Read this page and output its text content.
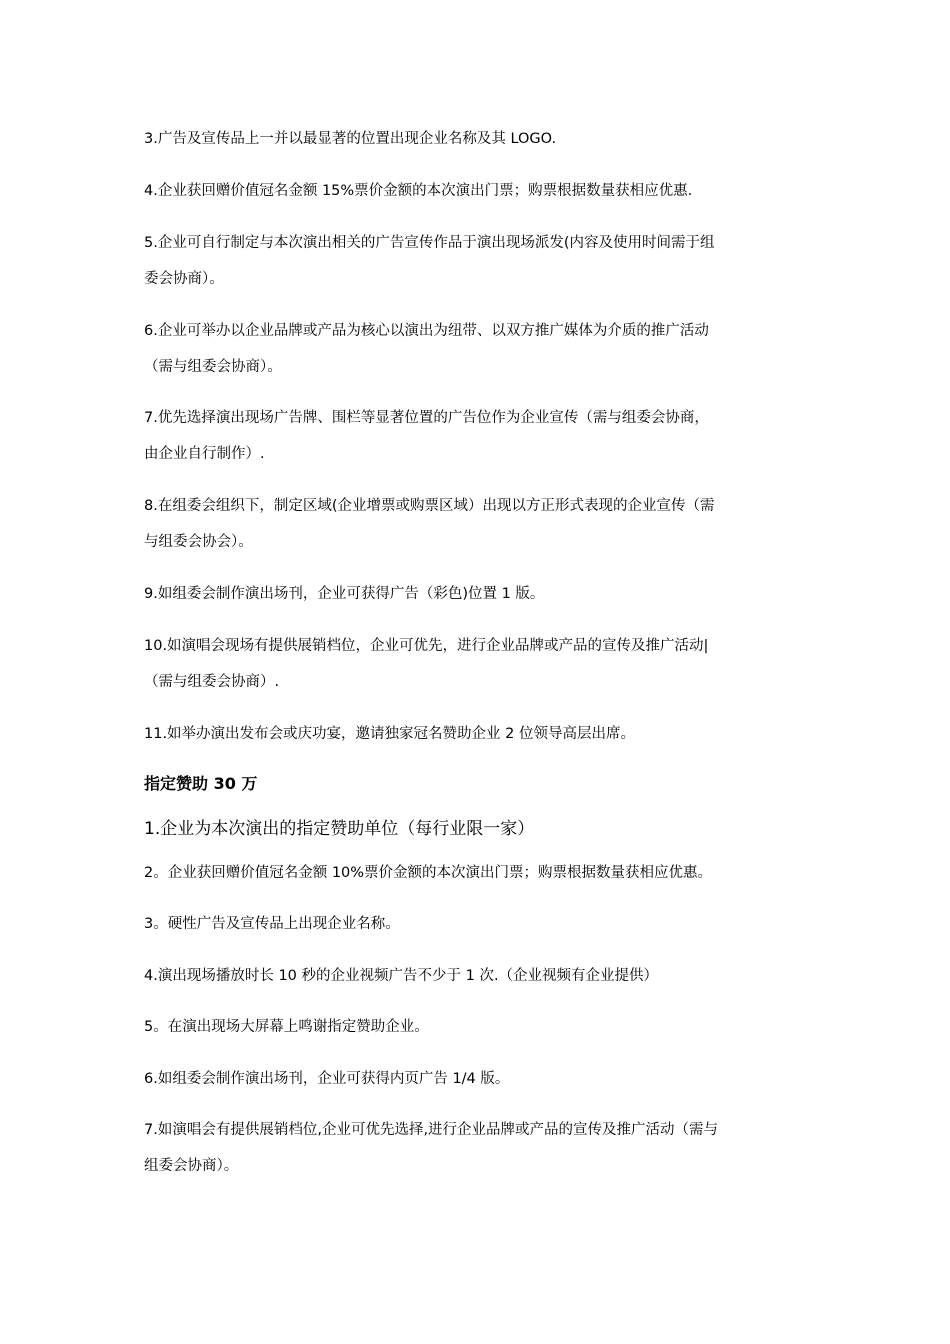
3.广告及宣传品上一并以最显著的位置出现企业名称及其 LOGO.
4.企业获回赠价值冠名金额 15%票价金额的本次演出门票；购票根据数量获相应优惠.
5.企业可自行制定与本次演出相关的广告宣传作品于演出现场派发(内容及使用时间需于组
委会协商）。
6.企业可举办以企业品牌或产品为核心以演出为纽带、以双方推广媒体为介质的推广活动
（需与组委会协商）。
7.优先选择演出现场广告牌、围栏等显著位置的广告位作为企业宣传（需与组委会协商，
由企业自行制作）.
8.在组委会组织下，制定区域(企业增票或购票区域）出现以方正形式表现的企业宣传（需
与组委会协会）。
9.如组委会制作演出场刊，企业可获得广告（彩色)位置 1 版。
10.如演唱会现场有提供展销档位，企业可优先，进行企业品牌或产品的宣传及推广活动|
（需与组委会协商）.
11.如举办演出发布会或庆功宴，邀请独家冠名赞助企业 2 位领导高层出席。
指定赞助 30 万
1.企业为本次演出的指定赞助单位（每行业限一家）
2。企业获回赠价值冠名金额 10%票价金额的本次演出门票；购票根据数量获相应优惠。
3。硬性广告及宣传品上出现企业名称。
4.演出现场播放时长 10 秒的企业视频广告不少于 1 次.（企业视频有企业提供）
5。在演出现场大屏幕上鸣谢指定赞助企业。
6.如组委会制作演出场刊，企业可获得内页广告 1/4 版。
7.如演唱会有提供展销档位,企业可优先选择,进行企业品牌或产品的宣传及推广活动（需与
组委会协商）。
